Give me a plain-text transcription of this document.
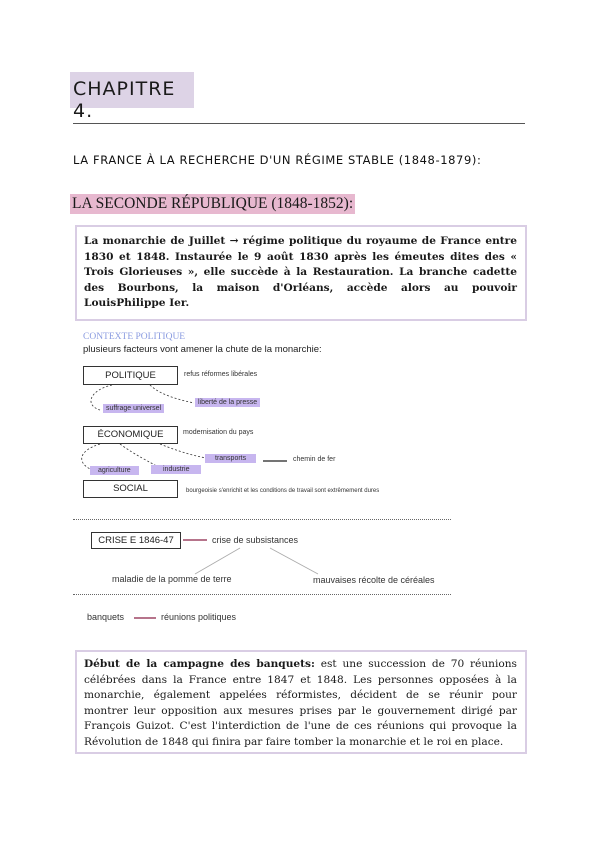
CHAPITRE 4.
LA FRANCE À LA RECHERCHE D'UN RÉGIME STABLE (1848-1879):
LA SECONDE RÉPUBLIQUE (1848-1852):

La monarchie de Juillet → régime politique du royaume de France entre 1830 et 1848. Instaurée le 9 août 1830 après les émeutes dites des « Trois Glorieuses », elle succède à la Restauration. La branche cadette des Bourbons, la maison d'Orléans, accède alors au pouvoir LouisPhilippe Ier.

CONTEXTE POLITIQUE
plusieurs facteurs vont amener la chute de la monarchie:
POLITIQUE	refus réformes libérales
suffrage universel
liberté de la presse
ÉCONOMIQUE	modernisation du pays
transports	chemin de fer
agriculture	industrie
SOCIAL	bourgeoisie s'enrichit et les conditions de travail sont extrêmement dures
CRISE E 1846-47	crise de subsistances
maladie de la pomme de terre	mauvaises récolte de céréales
banquets	réunions politiques

Début de la campagne des banquets: est une succession de 70 réunions célébrées dans la France entre 1847 et 1848. Les personnes opposées à la monarchie, également appelées réformistes, décident de se réunir pour montrer leur opposition aux mesures prises par le gouvernement dirigé par François Guizot. C'est l'interdiction de l'une de ces réunions qui provoque la Révolution de 1848 qui finira par faire tomber la monarchie et le roi en place.
